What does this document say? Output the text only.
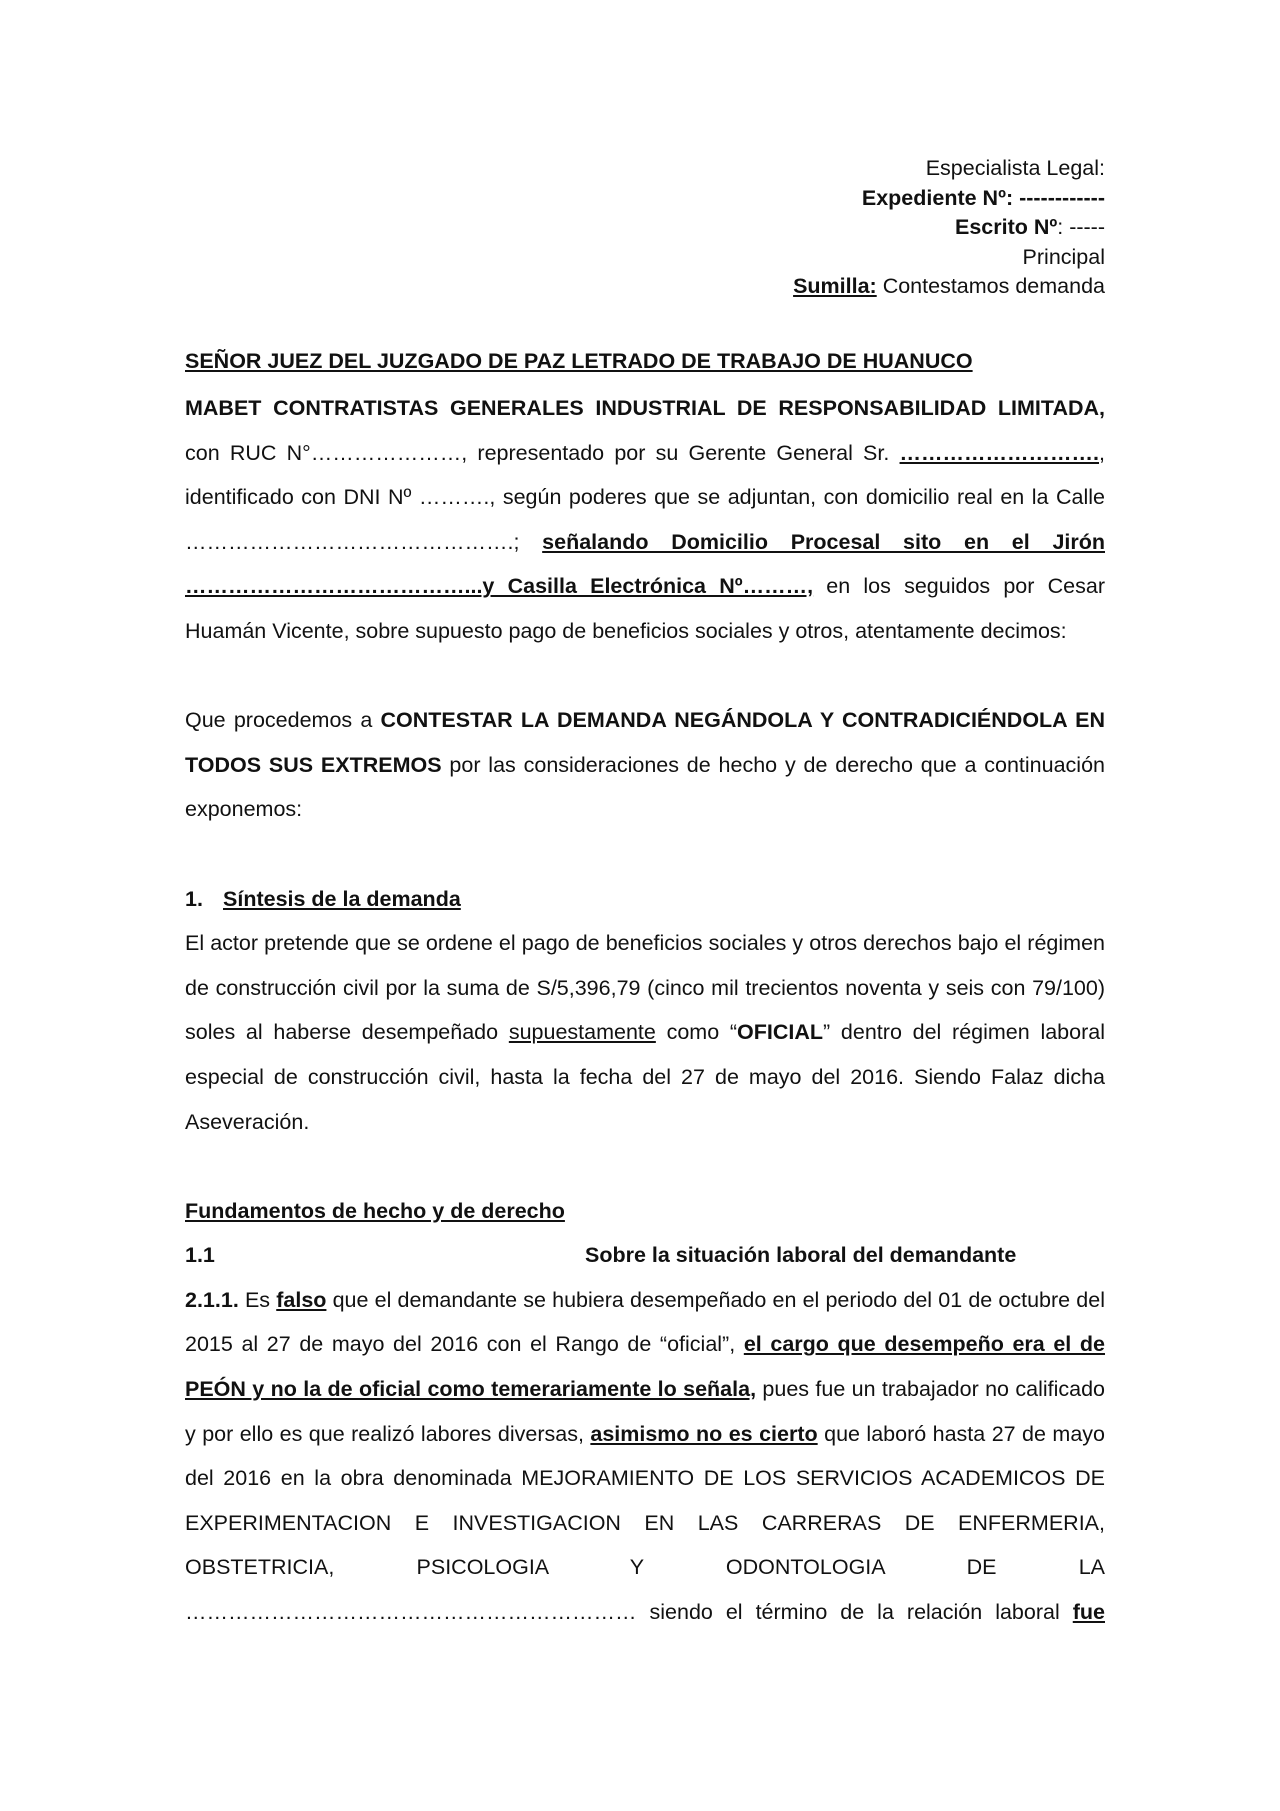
Especialista Legal:
Expediente Nº: ------------
Escrito Nº: -----
Principal
Sumilla: Contestamos demanda
SEÑOR JUEZ DEL JUZGADO DE PAZ LETRADO DE TRABAJO DE HUANUCO
MABET CONTRATISTAS GENERALES INDUSTRIAL DE RESPONSABILIDAD LIMITADA,
con RUC N°…………………, representado por su Gerente General Sr. ……………………….,
identificado con DNI Nº ………., según poderes que se adjuntan, con domicilio real en la Calle
……………………………………….; señalando Domicilio Procesal sito en el Jirón
…………………………………...y Casilla Electrónica Nº………, en los seguidos por Cesar
Huamán Vicente, sobre supuesto pago de beneficios sociales y otros, atentamente decimos:
Que procedemos a CONTESTAR LA DEMANDA NEGÁNDOLA Y CONTRADICIÉNDOLA EN
TODOS SUS EXTREMOS por las consideraciones de hecho y de derecho que a continuación
exponemos:
1. Síntesis de la demanda
El actor pretende que se ordene el pago de beneficios sociales y otros derechos bajo el régimen
de construcción civil por la suma de S/5,396,79 (cinco mil trecientos noventa y seis con 79/100)
soles al haberse desempeñado supuestamente como “OFICIAL” dentro del régimen laboral
especial de construcción civil, hasta la fecha del 27 de mayo del 2016. Siendo Falaz dicha
Aseveración.
Fundamentos de hecho y de derecho
1.1	Sobre la situación laboral del demandante
2.1.1. Es falso que el demandante se hubiera desempeñado en el periodo del 01 de octubre del
2015 al 27 de mayo del 2016 con el Rango de “oficial”, el cargo que desempeño era el de
PEÓN y no la de oficial como temerariamente lo señala, pues fue un trabajador no calificado
y por ello es que realizó labores diversas, asimismo no es cierto que laboró hasta 27 de mayo
del 2016 en la obra denominada MEJORAMIENTO DE LOS SERVICIOS ACADEMICOS DE
EXPERIMENTACION E INVESTIGACION EN LAS CARRERAS DE ENFERMERIA,
OBSTETRICIA, PSICOLOGIA Y ODONTOLOGIA DE LA
……………………………………………………… siendo el término de la relación laboral fue
